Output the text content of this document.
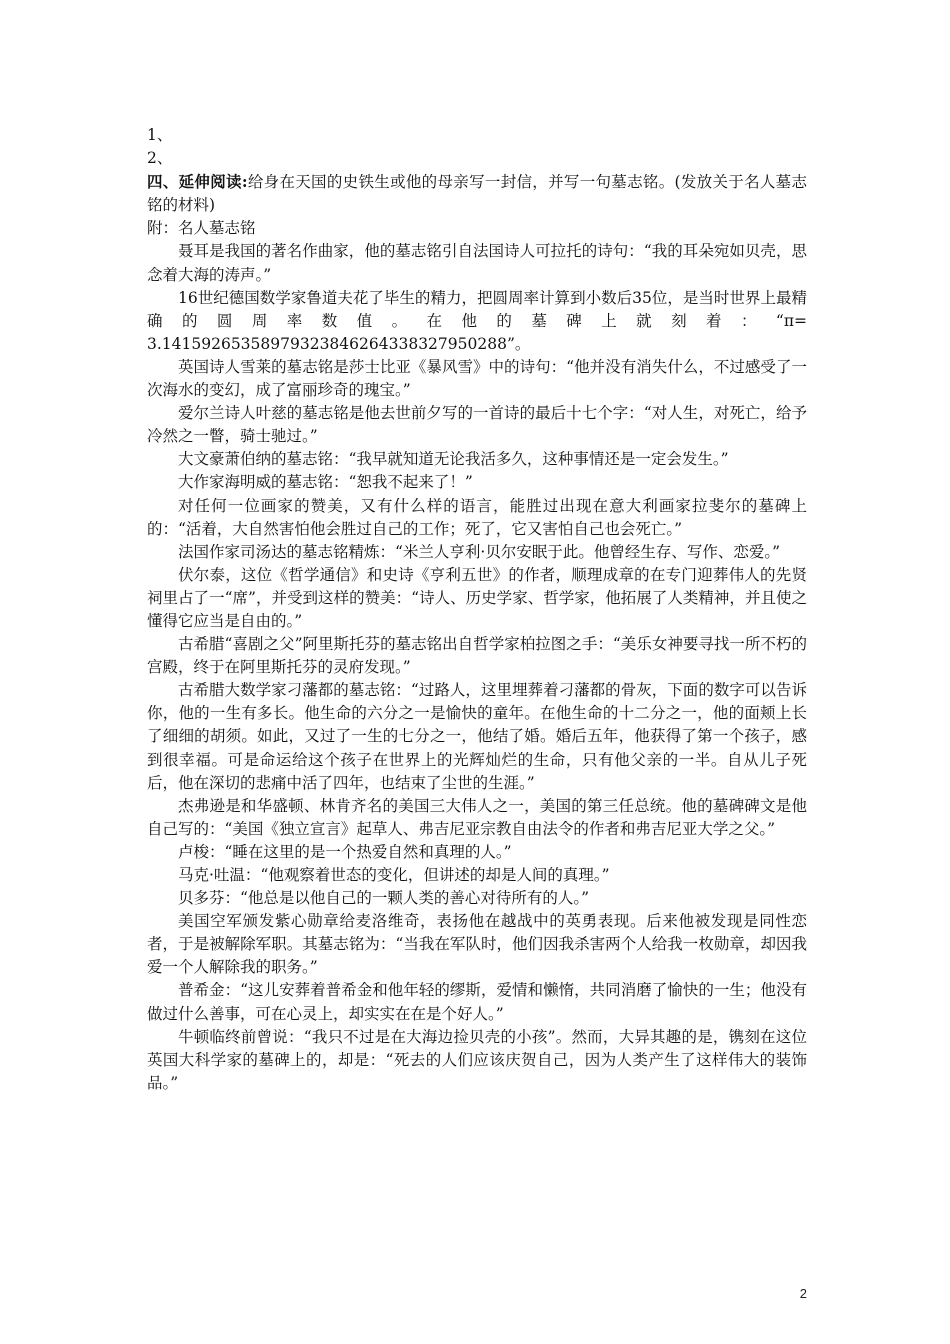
1、

2、

四、延伸阅读:给身在天国的史铁生或他的母亲写一封信，并写一句墓志铭。(发放关于名人墓志铭的材料)

附：名人墓志铭

聂耳是我国的著名作曲家，他的墓志铭引自法国诗人可拉托的诗句：“我的耳朵宛如贝壳，思念着大海的涛声。”

16世纪德国数学家鲁道夫花了毕生的精力，把圆周率计算到小数后35位，是当时世界上最精确的圆周率数值。在他的墓碑上就刻着：“π=

3.14159265358979323846264338327950288”。

英国诗人雪莱的墓志铭是莎士比亚《暴风雪》中的诗句：“他并没有消失什么，不过感受了一次海水的变幻，成了富丽珍奇的瑰宝。”

爱尔兰诗人叶慈的墓志铭是他去世前夕写的一首诗的最后十七个字：“对人生，对死亡，给予冷然之一瞥，骑士驰过。”

大文豪萧伯纳的墓志铭：“我早就知道无论我活多久，这种事情还是一定会发生。”

大作家海明威的墓志铭：“恕我不起来了！”

对任何一位画家的赞美，又有什么样的语言，能胜过出现在意大利画家拉斐尔的墓碑上的：“活着，大自然害怕他会胜过自己的工作；死了，它又害怕自己也会死亡。”

法国作家司汤达的墓志铭精炼：“米兰人亨利·贝尔安眠于此。他曾经生存、写作、恋爱。”

伏尔泰，这位《哲学通信》和史诗《亨利五世》的作者，顺理成章的在专门迎葬伟人的先贤祠里占了一“席”，并受到这样的赞美：“诗人、历史学家、哲学家，他拓展了人类精神，并且使之懂得它应当是自由的。”

古希腊“喜剧之父”阿里斯托芬的墓志铭出自哲学家柏拉图之手：“美乐女神要寻找一所不朽的宫殿，终于在阿里斯托芬的灵府发现。”

古希腊大数学家刁藩都的墓志铭：“过路人，这里埋葬着刁藩都的骨灰，下面的数字可以告诉你，他的一生有多长。他生命的六分之一是愉快的童年。在他生命的十二分之一，他的面颊上长了细细的胡须。如此，又过了一生的七分之一，他结了婚。婚后五年，他获得了第一个孩子，感到很幸福。可是命运给这个孩子在世界上的光辉灿烂的生命，只有他父亲的一半。自从儿子死后，他在深切的悲痛中活了四年，也结束了尘世的生涯。”

杰弗逊是和华盛顿、林肯齐名的美国三大伟人之一，美国的第三任总统。他的墓碑碑文是他自己写的：“美国《独立宣言》起草人、弗吉尼亚宗教自由法令的作者和弗吉尼亚大学之父。”

卢梭：“睡在这里的是一个热爱自然和真理的人。”

马克·吐温：“他观察着世态的变化，但讲述的却是人间的真理。”

贝多芬：“他总是以他自己的一颗人类的善心对待所有的人。”

美国空军颁发紫心勋章给麦洛维奇，表扬他在越战中的英勇表现。后来他被发现是同性恋者，于是被解除军职。其墓志铭为：“当我在军队时，他们因我杀害两个人给我一枚勋章，却因我爱一个人解除我的职务。”

普希金：“这儿安葬着普希金和他年轻的缪斯，爱情和懒惰，共同消磨了愉快的一生；他没有做过什么善事，可在心灵上，却实实在在是个好人。”

牛顿临终前曾说：“我只不过是在大海边捡贝壳的小孩”。然而，大异其趣的是，镌刻在这位英国大科学家的墓碑上的，却是：“死去的人们应该庆贺自己，因为人类产生了这样伟大的装饰品。”

2
